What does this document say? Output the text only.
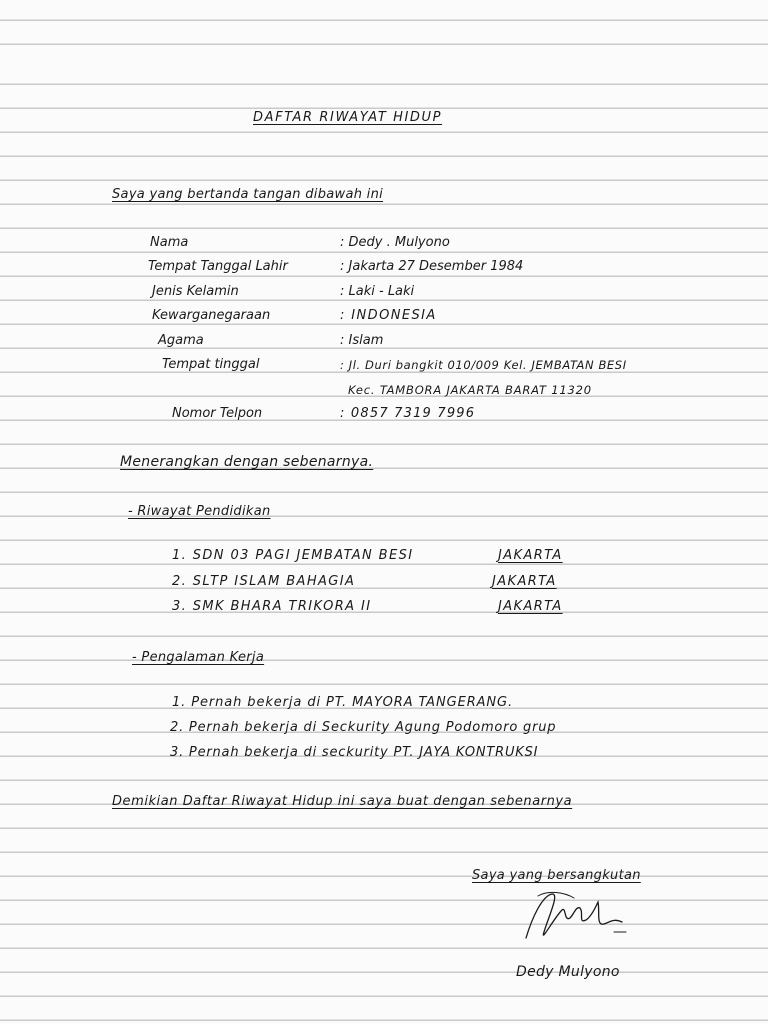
DAFTAR RIWAYAT HIDUP
Saya yang bertanda tangan dibawah ini
Nama	: Dedy . Mulyono
Tempat Tanggal Lahir	: Jakarta 27 Desember 1984
Jenis Kelamin	: Laki - Laki
Kewarganegaraan	: INDONESIA
Agama	: Islam
Tempat tinggal	: Jl. Duri bangkit 010/009 Kel. JEMBATAN BESI
Kec. TAMBORA JAKARTA BARAT 11320
Nomor Telpon	: 0857 7319 7996
Menerangkan dengan sebenarnya.
- Riwayat Pendidikan
1. SDN 03 PAGI JEMBATAN BESI	JAKARTA
2. SLTP ISLAM BAHAGIA	JAKARTA
3. SMK BHARA TRIKORA II	JAKARTA
- Pengalaman Kerja
1. Pernah bekerja di PT. MAYORA TANGERANG.
2. Pernah bekerja di Seckurity Agung Podomoro grup
3. Pernah bekerja di seckurity PT. JAYA KONTRUKSI
Demikian Daftar Riwayat Hidup ini saya buat dengan sebenarnya
Saya yang bersangkutan
Dedy Mulyono
